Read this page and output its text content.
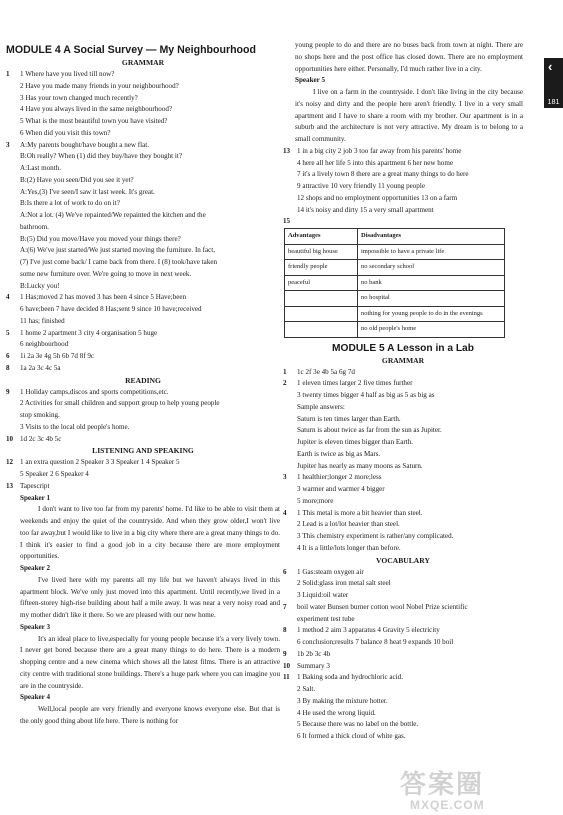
MODULE 4 A Social Survey — My Neighbourhood
GRAMMAR
1 1 Where have you lived till now?
2 Have you made many friends in your neighbourhood?
3 Has your town changed much recently?
4 Have you always lived in the same neighbourhood?
5 What is the most beautiful town you have visited?
6 When did you visit this town?
3 A:My parents bought/have bought a new flat.
B:Oh really? When (1) did they buy/have they bought it?
A:Last month.
B:(2) Have you seen/Did you see it yet?
A:Yes,(3) I've seen/I saw it last week. It's great.
B:Is there a lot of work to do on it?
A:Not a lot. (4) We've repainted/We repainted the kitchen and the
bathroom.
B:(5) Did you move/Have you moved your things there?
A:(6) We've just started/We just started moving the furniture. In fact,
(7) I've just come back/ I came back from there. I (8) took/have taken
some new furniture over. We're going to move in next week.
B:Lucky you!
4 1 Has;moved 2 has moved 3 has been 4 since 5 Have;been
6 have;been 7 have decided 8 Has;sent 9 since 10 have;received
11 has; finished
5 1 home 2 apartment 3 city 4 organisation 5 huge
6 neighbourhood
6 1i 2a 3e 4g 5h 6b 7d 8f 9c
8 1a 2a 3c 4c 5a
READING
9 1 Holiday camps,discos and sports competitions,etc.
2 Activities for small children and support group to help young people
stop smoking.
3 Visits to the local old people's home.
10 1d 2c 3c 4b 5c
LISTENING AND SPEAKING
12 1 an extra question 2 Speaker 3 3 Speaker 1 4 Speaker 5
5 Speaker 2 6 Speaker 4
13 Tapescript
Speaker 1
I don't want to live too far from my parents' home. I'd like to be able to visit them at weekends and enjoy the quiet of the countryside. And when they grow older,I won't live too far away,but I would like to live in a big city where there are a great many things to do. I think it's easier to find a good job in a city because there are more employment opportunities.
Speaker 2
I've lived here with my parents all my life but we haven't always lived in this apartment block. We've only just moved into this apartment. Until recently,we lived in a fifteen-storey high-rise building about half a mile away. It was near a very noisy road and my mother didn't like it there. So we are pleased with our new home.
Speaker 3
It's an ideal place to live,especially for young people because it's a very lively town. I never get bored because there are a great many things to do here. There is a modern shopping centre and a new cinema which shows all the latest films. There is an attractive city centre with traditional stone buildings. There's a huge park where you can imagine you are in the countryside.
Speaker 4
Well,local people are very friendly and everyone knows everyone else. But that is the only good thing about life here. There is nothing for
young people to do and there are no buses back from town at night. There are no shops here and the post office has closed down. There are no employment opportunities here either. Personally, I'd much rather live in a city.
Speaker 5
I live on a farm in the countryside. I don't like living in the city because it's noisy and dirty and the people here aren't friendly. I live in a very small apartment and I have to share a room with my brother. Our apartment is in a suburb and the architecture is not very attractive. My dream is to belong to a small community.
13 1 in a big city 2 job 3 too far away from his parents' home
4 here all her life 5 into this apartment 6 her new home
7 it's a lively town 8 there are a great many things to do here
9 attractive 10 very friendly 11 young people
12 shops and no employment opportunities 13 on a farm
14 it's noisy and dirty 15 a very small apartment
15
Advantages	Disadvantages
beautiful big house	impossible to have a private life
friendly people	no secondary school
peaceful	no bank
	no hospital
	nothing for young people to do in the evenings
	no old people's home
MODULE 5 A Lesson in a Lab
GRAMMAR
1 1c 2f 3e 4b 5a 6g 7d
2 1 eleven times larger 2 five times further
3 twenty times bigger 4 half as big as 5 as big as
Sample answers:
Saturn is ten times larger than Earth.
Saturn is about twice as far from the sun as Jupiter.
Jupiter is eleven times bigger than Earth.
Earth is twice as big as Mars.
Jupiter has nearly as many moons as Saturn.
3 1 healthier;longer 2 more;less
3 warmer and warmer 4 bigger
5 more;more
4 1 This metal is more a bit heavier than steel.
2 Lead is a lot/lot heavier than steel.
3 This chemistry experiment is rather/any complicated.
4 It is a little/lots longer than before.
VOCABULARY
6 1 Gas:steam oxygen air
2 Solid:glass iron metal salt steel
3 Liquid:oil water
7 boil water Bunsen burner cotton wool Nobel Prize scientific
experiment test tube
8 1 method 2 aim 3 apparatus 4 Gravity 5 electricity
6 conclusion;results 7 balance 8 heat 9 expands 10 boil
9 1b 2b 3c 4b
10 Summary 3
11 1 Baking soda and hydrochloric acid.
2 Salt.
3 By making the mixture hotter.
4 He used the wrong liquid.
5 Because there was no label on the bottle.
6 It formed a thick cloud of white gas.
‹
181
答案圈
MXQE.COM
